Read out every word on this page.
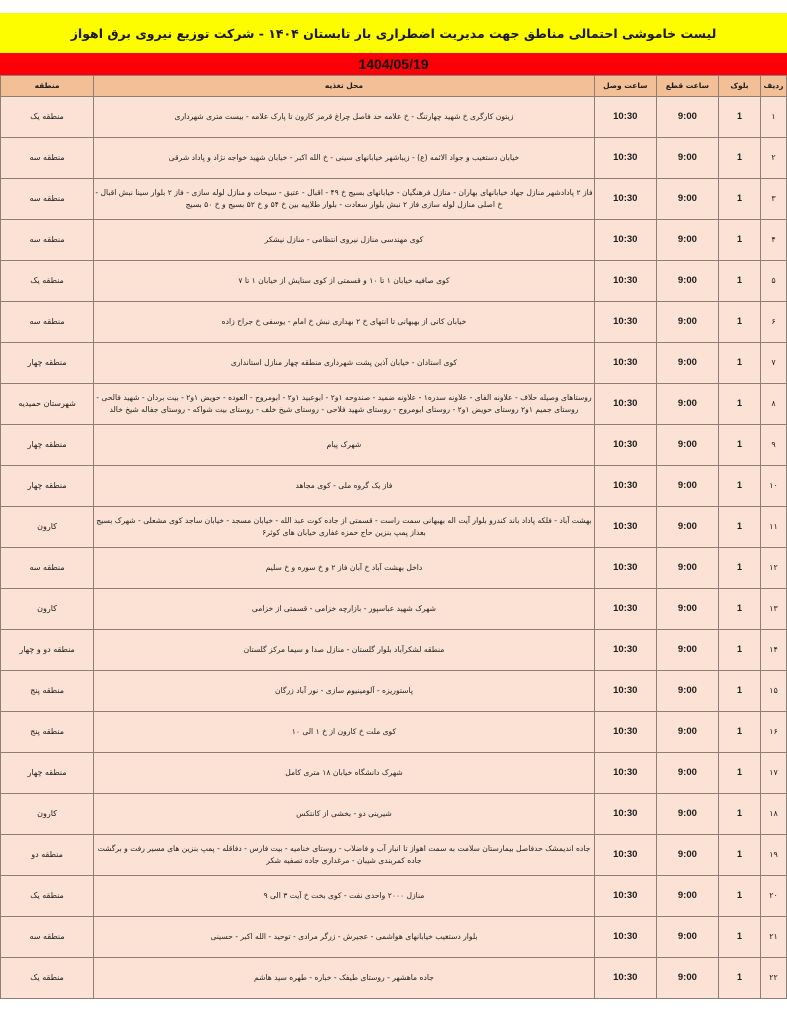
لیست خاموشی احتمالی مناطق جهت مدیریت اضطراری بار تابستان ۱۴۰۴ - شرکت توزیع نیروی برق اهواز
1404/05/19
ردیف	بلوک	ساعت قطع	ساعت وصل	محل تغذیه	منطقه
۱	1	9:00	10:30	زیتون کارگری خ شهید چهارتنگ - خ علامه حد فاصل چراغ قرمز کارون تا پارک علامه - بیست متری شهرداری	منطقه یک
۲	1	9:00	10:30	خیابان دستغیب و جواد الائمه (ع) - زیباشهر خیابانهای سینی - خ الله اکبر - خیابان شهید خواجه نژاد و پاداد شرقی	منطقه سه
۳	1	9:00	10:30	فاز ۲ پادادشهر منازل جهاد خیابانهای بهاران - منازل فرهنگیان - خیابانهای بسیج خ ۴۹ - اقبال - عتیق - سیحات و منازل لوله سازی - فاز ۲ بلوار سینا نبش اقبال - خ اصلی منازل لوله سازی فاز ۲ نبش بلوار سعادت - بلوار طلاییه بین خ ۵۴ و خ ۵۲ بسیج و خ ۵۰ بسیج	منطقه سه
۴	1	9:00	10:30	کوی مهندسی منازل نیروی انتظامی - منازل نیشکر	منطقه سه
۵	1	9:00	10:30	کوی صافیه خیابان ۱ تا ۱۰ و قسمتی از کوی ستایش از خیابان ۱ تا ۷	منطقه یک
۶	1	9:00	10:30	خیابان کانی از بهبهانی تا انتهای خ ۲ بهداری نبش خ امام - یوسفی خ جراح زاده	منطقه سه
۷	1	9:00	10:30	کوی استادان - خیابان آذین پشت شهرداری منطقه چهار منازل استانداری	منطقه چهار
۸	1	9:00	10:30	روستاهای وصیله حلاف - علاونه الفای - علاونه سدره۱ - علاونه ضمید - صندوحه ۱و۲ - ابوعبید ۱و۲ - ابومروج - العوده - حویض ۱و۲ - بیت بردان - شهید فالحی - روستای جمیم ۱و۲ روستای حویض ۱و۲ - روستای ابومروج - روستای شهید فلاحی - روستای شیخ خلف - روستای بیت شواکه - روستای جفاله شیخ خالد	شهرستان حمیدیه
۹	1	9:00	10:30	شهرک پیام	منطقه چهار
۱۰	1	9:00	10:30	فاز یک گروه ملی - کوی مجاهد	منطقه چهار
۱۱	1	9:00	10:30	بهشت آباد - فلکه پاداد باند کندرو بلوار آیت اله بهبهانی سمت راست - قسمتی از جاده کوت عبد الله - خیابان مسجد - خیابان ساجد کوی مشعلی - شهرک بسیج بعداز پمپ بنزین حاج حمزه غفاری خیابان های کوثر۶	کارون
۱۲	1	9:00	10:30	داخل بهشت آباد خ آبان فاز ۲ و خ سوره و خ سلیم	منطقه سه
۱۳	1	9:00	10:30	شهرک شهید عباسپور - بازارچه خزامی - قسمتی از خزامی	کارون
۱۴	1	9:00	10:30	منطقه لشکرآباد بلوار گلستان - منازل صدا و سیما مرکز گلستان	منطقه دو و چهار
۱۵	1	9:00	10:30	پاستوریزه - آلومینیوم سازی - نور آباد زرگان	منطقه پنج
۱۶	1	9:00	10:30	کوی ملت خ کارون از خ ۱ الی ۱۰	منطقه پنج
۱۷	1	9:00	10:30	شهرک دانشگاه خیابان ۱۸ متری کامل	منطقه چهار
۱۸	1	9:00	10:30	شیرینی دو - بخشی از کانتکس	کارون
۱۹	1	9:00	10:30	جاده اندیمشک حدفاصل بیمارستان سلامت به سمت اهواز تا انبار آب و فاضلاب - روستای خنامیه - بیت فارس - دفاقله - پمپ بنزین های مسیر رفت و برگشت جاده کمربندی شیبان - مرغداری جاده تصفیه شکر	منطقه دو
۲۰	1	9:00	10:30	منازل ۲۰۰۰ واحدی نفت - کوی بخت خ آیت ۳ الی ۹	منطقه یک
۲۱	1	9:00	10:30	بلوار دستغیب خیابانهای هواشمی - عجیرش - زرگر مرادی - توحید - الله اکبر - حسینی	منطقه سه
۲۲	1	9:00	10:30	جاده ماهشهر - روستای طیفک - خباره - طهره سید هاشم	منطقه یک
